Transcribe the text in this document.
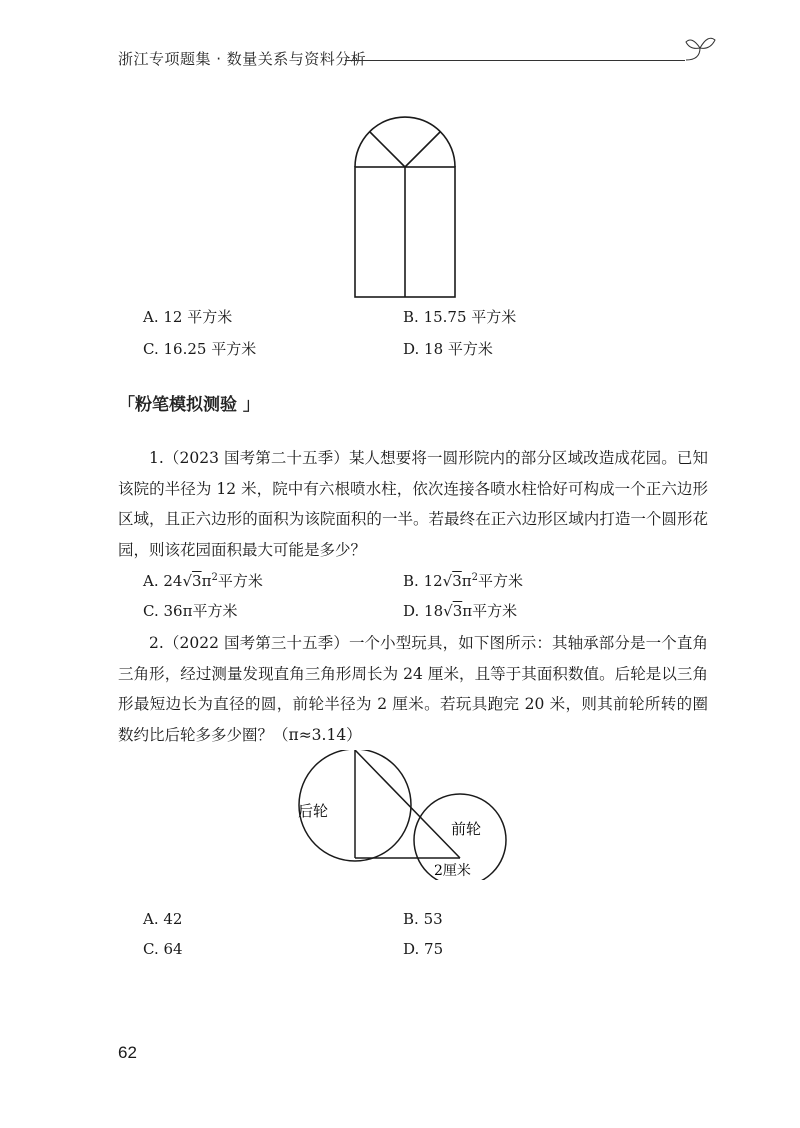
浙江专项题集 · 数量关系与资料分析
A. 12 平方米	B. 15.75 平方米
C. 16.25 平方米	D. 18 平方米
「粉笔模拟测验 」
1.（2023 国考第二十五季）某人想要将一圆形院内的部分区域改造成花园。已知该院的半径为 12 米，院中有六根喷水柱，依次连接各喷水柱恰好可构成一个正六边形区域，且正六边形的面积为该院面积的一半。若最终在正六边形区域内打造一个圆形花园，则该花园面积最大可能是多少？
A. $24√3\pi^2$平方米	B. $12√3\pi^2$平方米
C. 36π平方米	D. 18√3π平方米
2.（2022 国考第三十五季）一个小型玩具，如下图所示：其轴承部分是一个直角三角形，经过测量发现直角三角形周长为 24 厘米，且等于其面积数值。后轮是以三角形最短边长为直径的圆，前轮半径为 2 厘米。若玩具跑完 20 米，则其前轮所转的圈数约比后轮多多少圈？（π≈3.14）
后轮
前轮
2厘米
A. 42	B. 53
C. 64	D. 75
62
